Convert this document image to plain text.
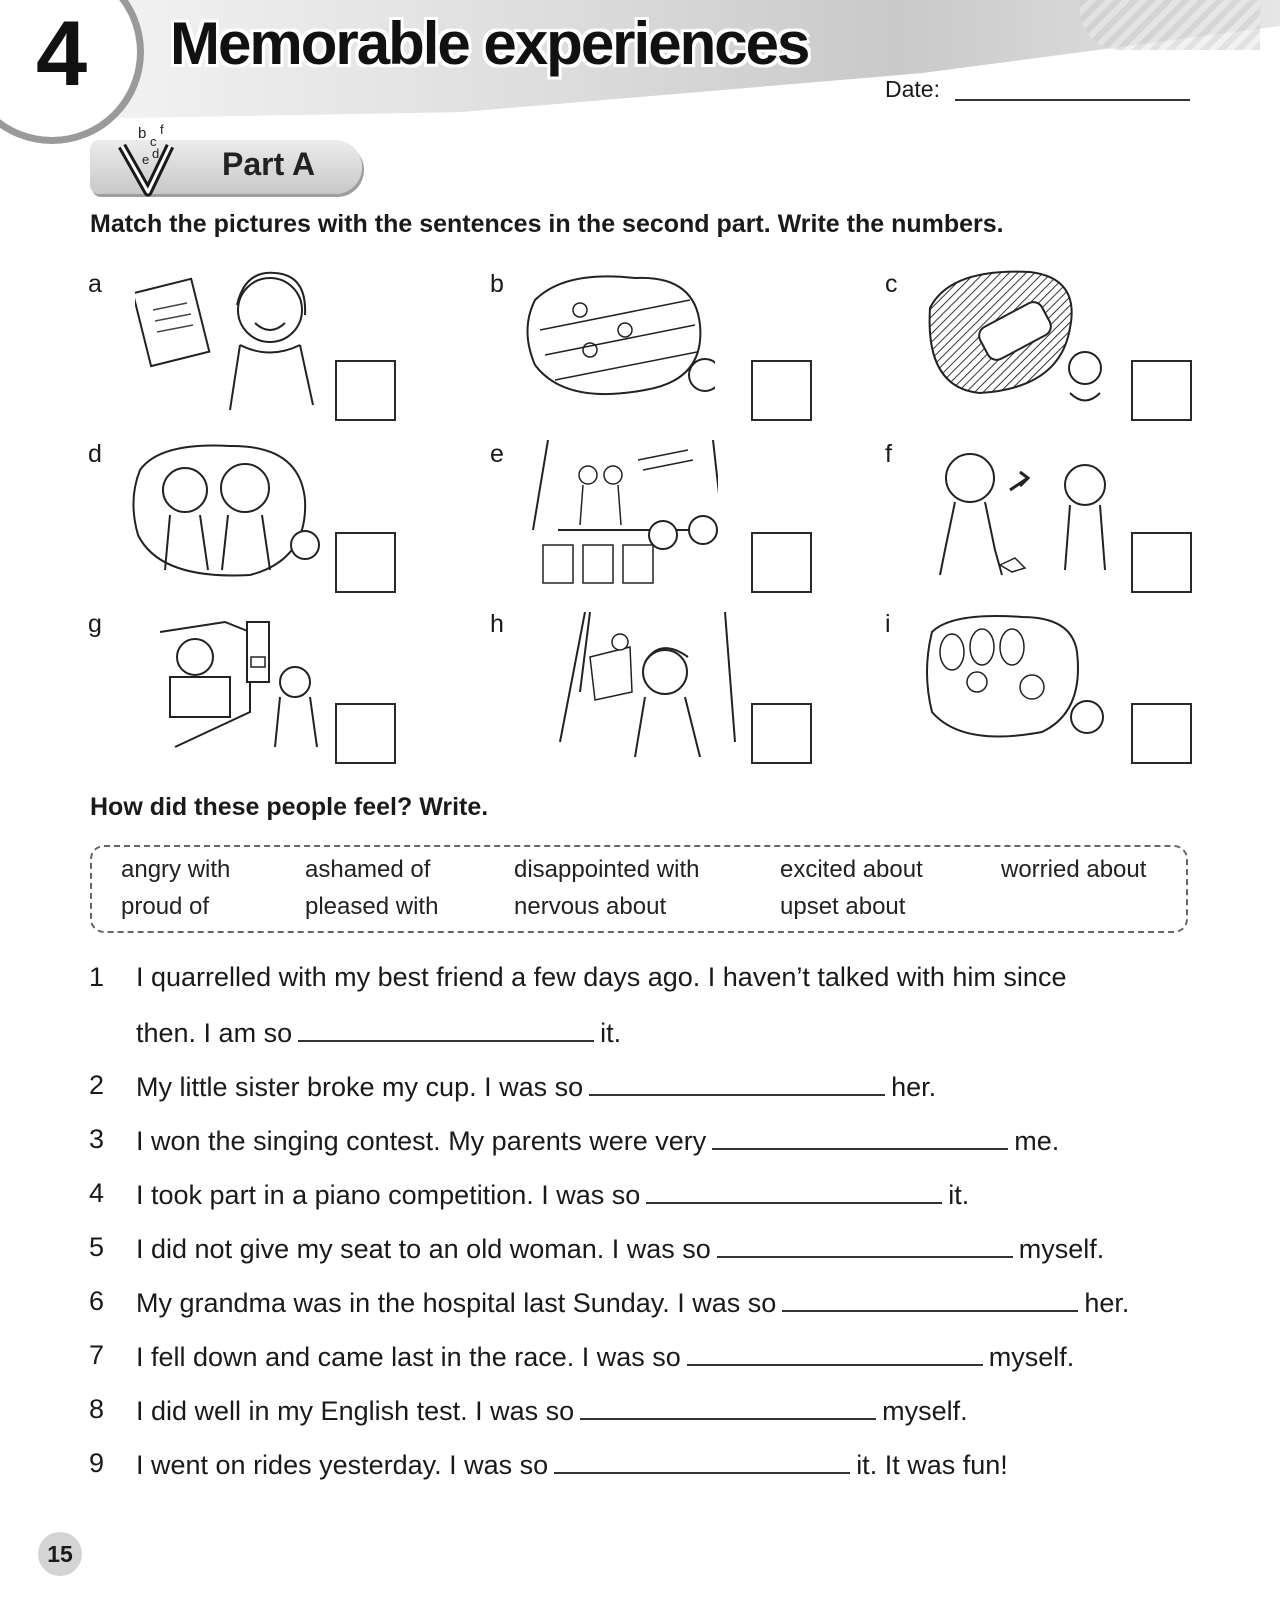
4 Memorable experiences
Date:
b c
f
e d Part A
Match the pictures with the sentences in the second part. Write the numbers.
a	b	c
d	e	f
g	h	i
How did these people feel? Write.
angry with	ashamed of	disappointed with	excited about	worried about
proud of	pleased with	nervous about	upset about
1 I quarrelled with my best friend a few days ago. I haven’t talked with him since
then. I am so	it.
2 My little sister broke my cup. I was so	her.
3 I won the singing contest. My parents were very	me.
4 I took part in a piano competition. I was so	it.
5 I did not give my seat to an old woman. I was so	myself.
6 My grandma was in the hospital last Sunday. I was so	her.
7 I fell down and came last in the race. I was so	myself.
8 I did well in my English test. I was so	myself.
9 I went on rides yesterday. I was so	it. It was fun!
15
